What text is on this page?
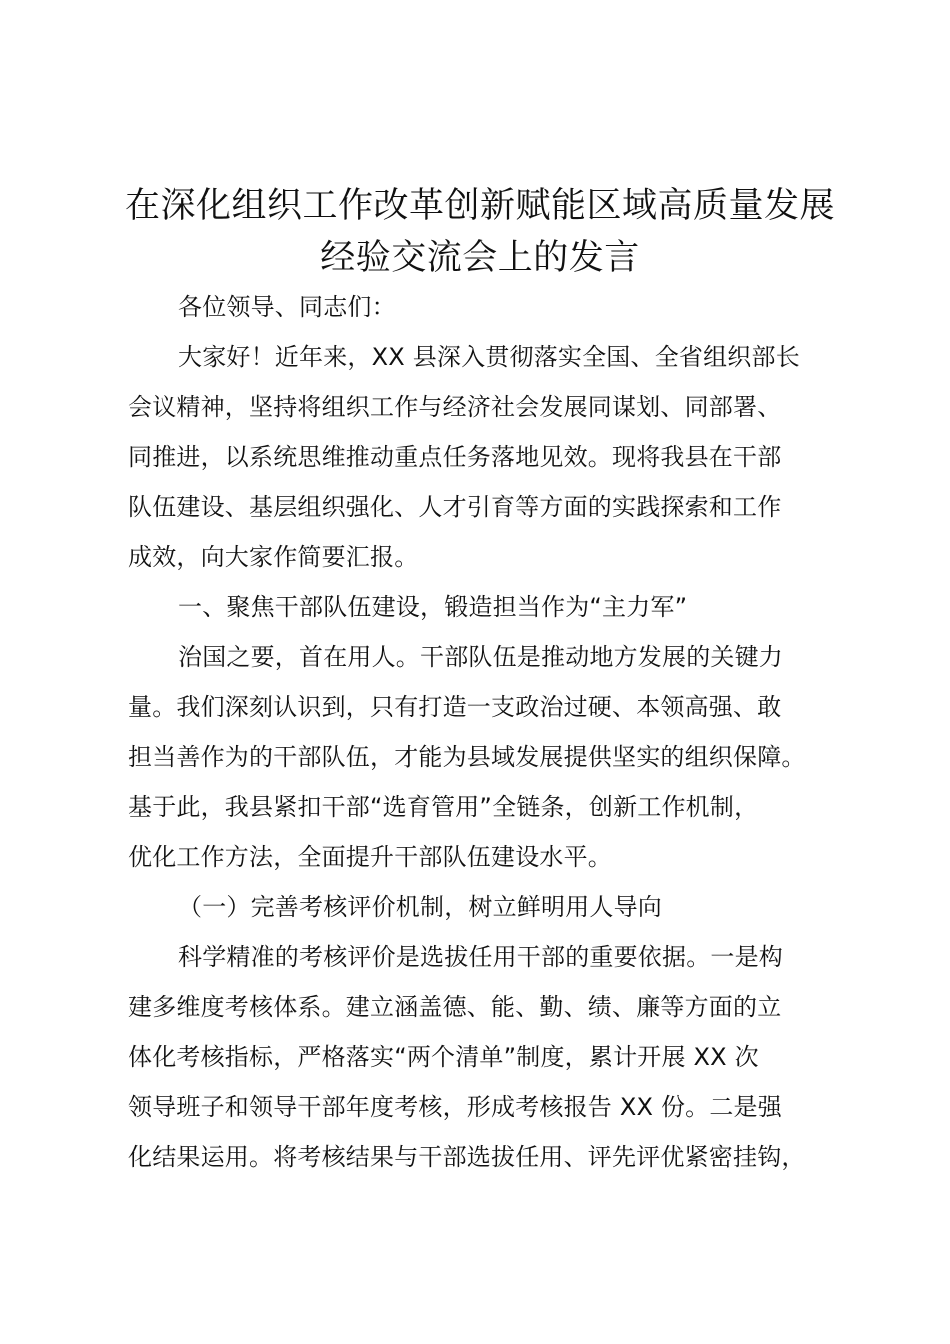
在深化组织工作改革创新赋能区域高质量发展
经验交流会上的发言
各位领导、同志们：
大家好！近年来，XX 县深入贯彻落实全国、全省组织部长
会议精神，坚持将组织工作与经济社会发展同谋划、同部署、
同推进，以系统思维推动重点任务落地见效。现将我县在干部
队伍建设、基层组织强化、人才引育等方面的实践探索和工作
成效，向大家作简要汇报。
一、聚焦干部队伍建设，锻造担当作为“主力军”
治国之要，首在用人。干部队伍是推动地方发展的关键力
量。我们深刻认识到，只有打造一支政治过硬、本领高强、敢
担当善作为的干部队伍，才能为县域发展提供坚实的组织保障。
基于此，我县紧扣干部“选育管用”全链条，创新工作机制，
优化工作方法，全面提升干部队伍建设水平。
（一）完善考核评价机制，树立鲜明用人导向
科学精准的考核评价是选拔任用干部的重要依据。一是构
建多维度考核体系。建立涵盖德、能、勤、绩、廉等方面的立
体化考核指标，严格落实“两个清单”制度，累计开展 XX 次
领导班子和领导干部年度考核，形成考核报告 XX 份。二是强
化结果运用。将考核结果与干部选拔任用、评先评优紧密挂钩，
